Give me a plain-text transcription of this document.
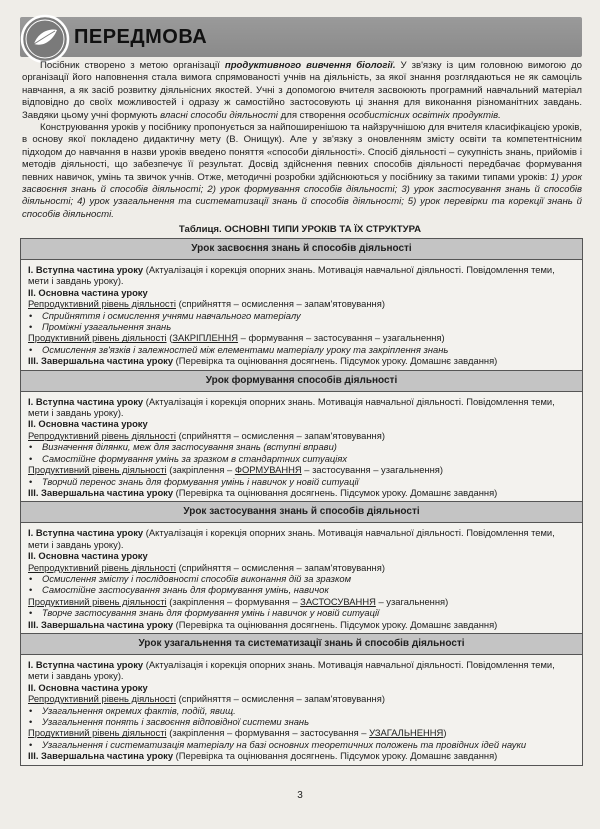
ПЕРЕДМОВА

Посібник створено з метою організації продуктивного вивчення біології. У зв'язку із цим головною вимогою до організації його наповнення стала вимога спрямованості учнів на діяльність, за якої знання розглядаються не як самоціль навчання, а як засіб розвитку діяльнісних якостей. Учні з допомогою вчителя засвоюють програмний навчальний матеріал відповідно до своїх можливостей і одразу ж самостійно застосовують ці знання для виконання різноманітних завдань. Завдяки цьому учні формують власні способи діяльності для створення особистісних освітніх продуктів.

Конструювання уроків у посібнику пропонується за найпоширенішою та найзручнішою для вчителя класифікацією уроків, в основу якої покладено дидактичну мету (В. Онищук). Але у зв'язку з оновленням змісту освіти та компетентнісним підходом до навчання в назви уроків введено поняття «способи діяльності». Спосіб діяльності – сукупність знань, прийомів і методів діяльності, що забезпечує її результат. Досвід здійснення певних способів діяльності передбачає формування певних навичок, умінь та звичок учнів. Отже, методичні розробки здійснюються у посібнику за такими типами уроків: 1) урок засвоєння знань й способів діяльності; 2) урок формування способів діяльності; 3) урок застосування знань й способів діяльності; 4) урок узагальнення та систематизації знань й способів діяльності; 5) урок перевірки та корекції знань й способів діяльності.

Таблиця. ОСНОВНІ ТИПИ УРОКІВ ТА ЇХ СТРУКТУРА
Урок засвоєння знань й способів діяльності
I. Вступна частина уроку (Актуалізація і корекція опорних знань. Мотивація навчальної діяльності. Повідомлення теми, мети і завдань уроку).
II. Основна частина уроку
Репродуктивний рівень діяльності (сприйняття – осмислення – запам'ятовування)
• Сприйняття і осмислення учнями навчального матеріалу
• Проміжні узагальнення знань
Продуктивний рівень діяльності (ЗАКРІПЛЕННЯ – формування – застосування – узагальнення)
• Осмислення зв'язків і залежностей між елементами матеріалу уроку та закріплення знань
III. Завершальна частина уроку (Перевірка та оцінювання досягнень. Підсумок уроку. Домашнє завдання)
Урок формування способів діяльності
I. Вступна частина уроку (Актуалізація і корекція опорних знань. Мотивація навчальної діяльності. Повідомлення теми, мети і завдань уроку).
II. Основна частина уроку
Репродуктивний рівень діяльності (сприйняття – осмислення – запам'ятовування)
• Визначення ділянки, меж для застосування знань (вступні вправи)
• Самостійне формування умінь за зразком в стандартних ситуаціях
Продуктивний рівень діяльності (закріплення – ФОРМУВАННЯ – застосування – узагальнення)
• Творчий перенос знань для формування умінь і навичок у новій ситуації
III. Завершальна частина уроку (Перевірка та оцінювання досягнень. Підсумок уроку. Домашнє завдання)
Урок застосування знань й способів діяльності
I. Вступна частина уроку (Актуалізація і корекція опорних знань. Мотивація навчальної діяльності. Повідомлення теми, мети і завдань уроку).
II. Основна частина уроку
Репродуктивний рівень діяльності (сприйняття – осмислення – запам'ятовування)
• Осмислення змісту і послідовності способів виконання дій за зразком
• Самостійне застосування знань для формування умінь, навичок
Продуктивний рівень діяльності (закріплення – формування – ЗАСТОСУВАННЯ – узагальнення)
• Творче застосування знань для формування умінь і навичок у новій ситуації
III. Завершальна частина уроку (Перевірка та оцінювання досягнень. Підсумок уроку. Домашнє завдання)
Урок узагальнення та систематизації знань й способів діяльності
I. Вступна частина уроку (Актуалізація і корекція опорних знань. Мотивація навчальної діяльності. Повідомлення теми, мети і завдань уроку).
II. Основна частина уроку
Репродуктивний рівень діяльності (сприйняття – осмислення – запам'ятовування)
• Узагальнення окремих фактів, подій, явищ.
• Узагальнення понять і засвоєння відповідної системи знань
Продуктивний рівень діяльності (закріплення – формування – застосування – УЗАГАЛЬНЕННЯ)
• Узагальнення і систематизація матеріалу на базі основних теоретичних положень та провідних ідей науки
III. Завершальна частина уроку (Перевірка та оцінювання досягнень. Підсумок уроку. Домашнє завдання)
3
